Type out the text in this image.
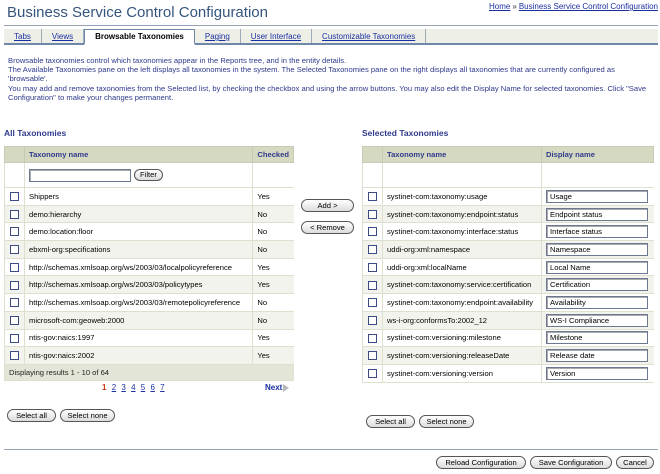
Business Service Control Configuration	Home » Business Service Control Configuration
Tabs	Views	Browsable Taxonomies	Paging	User Interface	Customizable Taxonomies

Browsable taxonomies control which taxonomies appear in the Reports tree, and in the entity details.

The Available Taxonomies pane on the left displays all taxonomies in the system. The Selected Taxonomies pane on the right displays all taxonomies that are currently configured as 'browsable'.

You may add and remove taxonomies from the Selected list, by checking the checkbox and using the arrow buttons. You may also edit the Display Name for selected taxonomies. Click "Save Configuration" to make your changes permanent.

All Taxonomies
	Taxonomy name	Checked
	Filter	
	Shippers	Yes
	demo:hierarchy	No
	demo:location:floor	No
	ebxml-org:specifications	No
	http://schemas.xmlsoap.org/ws/2003/03/localpolicyreference	Yes
	http://schemas.xmlsoap.org/ws/2003/03/policytypes	Yes
	http://schemas.xmlsoap.org/ws/2003/03/remotepolicyreference	No
	microsoft-com:geoweb:2000	No
	ntis-gov:naics:1997	Yes
	ntis-gov:naics:2002	Yes
Displaying results 1 - 10 of 64		
1 2 3 4 5 6 7	Next
Select all	Select none
Add >
< Remove
Selected Taxonomies
	Taxonomy name	Display name

	systinet-com:taxonomy:usage	Usage
	systinet-com:taxonomy:endpoint:status	Endpoint status
	systinet-com:taxonomy:interface:status	Interface status
	uddi-org:xml:namespace	Namespace
	uddi-org:xml:localName	Local Name
	systinet-com:taxonomy:service:certification	Certification
	systinet-com:taxonomy:endpoint:availability	Availability
	ws-i-org:conformsTo:2002_12	WS-I Compliance
	systinet-com:versioning:milestone	Milestone
	systinet-com:versioning:releaseDate	Release date
	systinet-com:versioning:version	Version
Select all	Select none
Reload Configuration	Save Configuration	Cancel
